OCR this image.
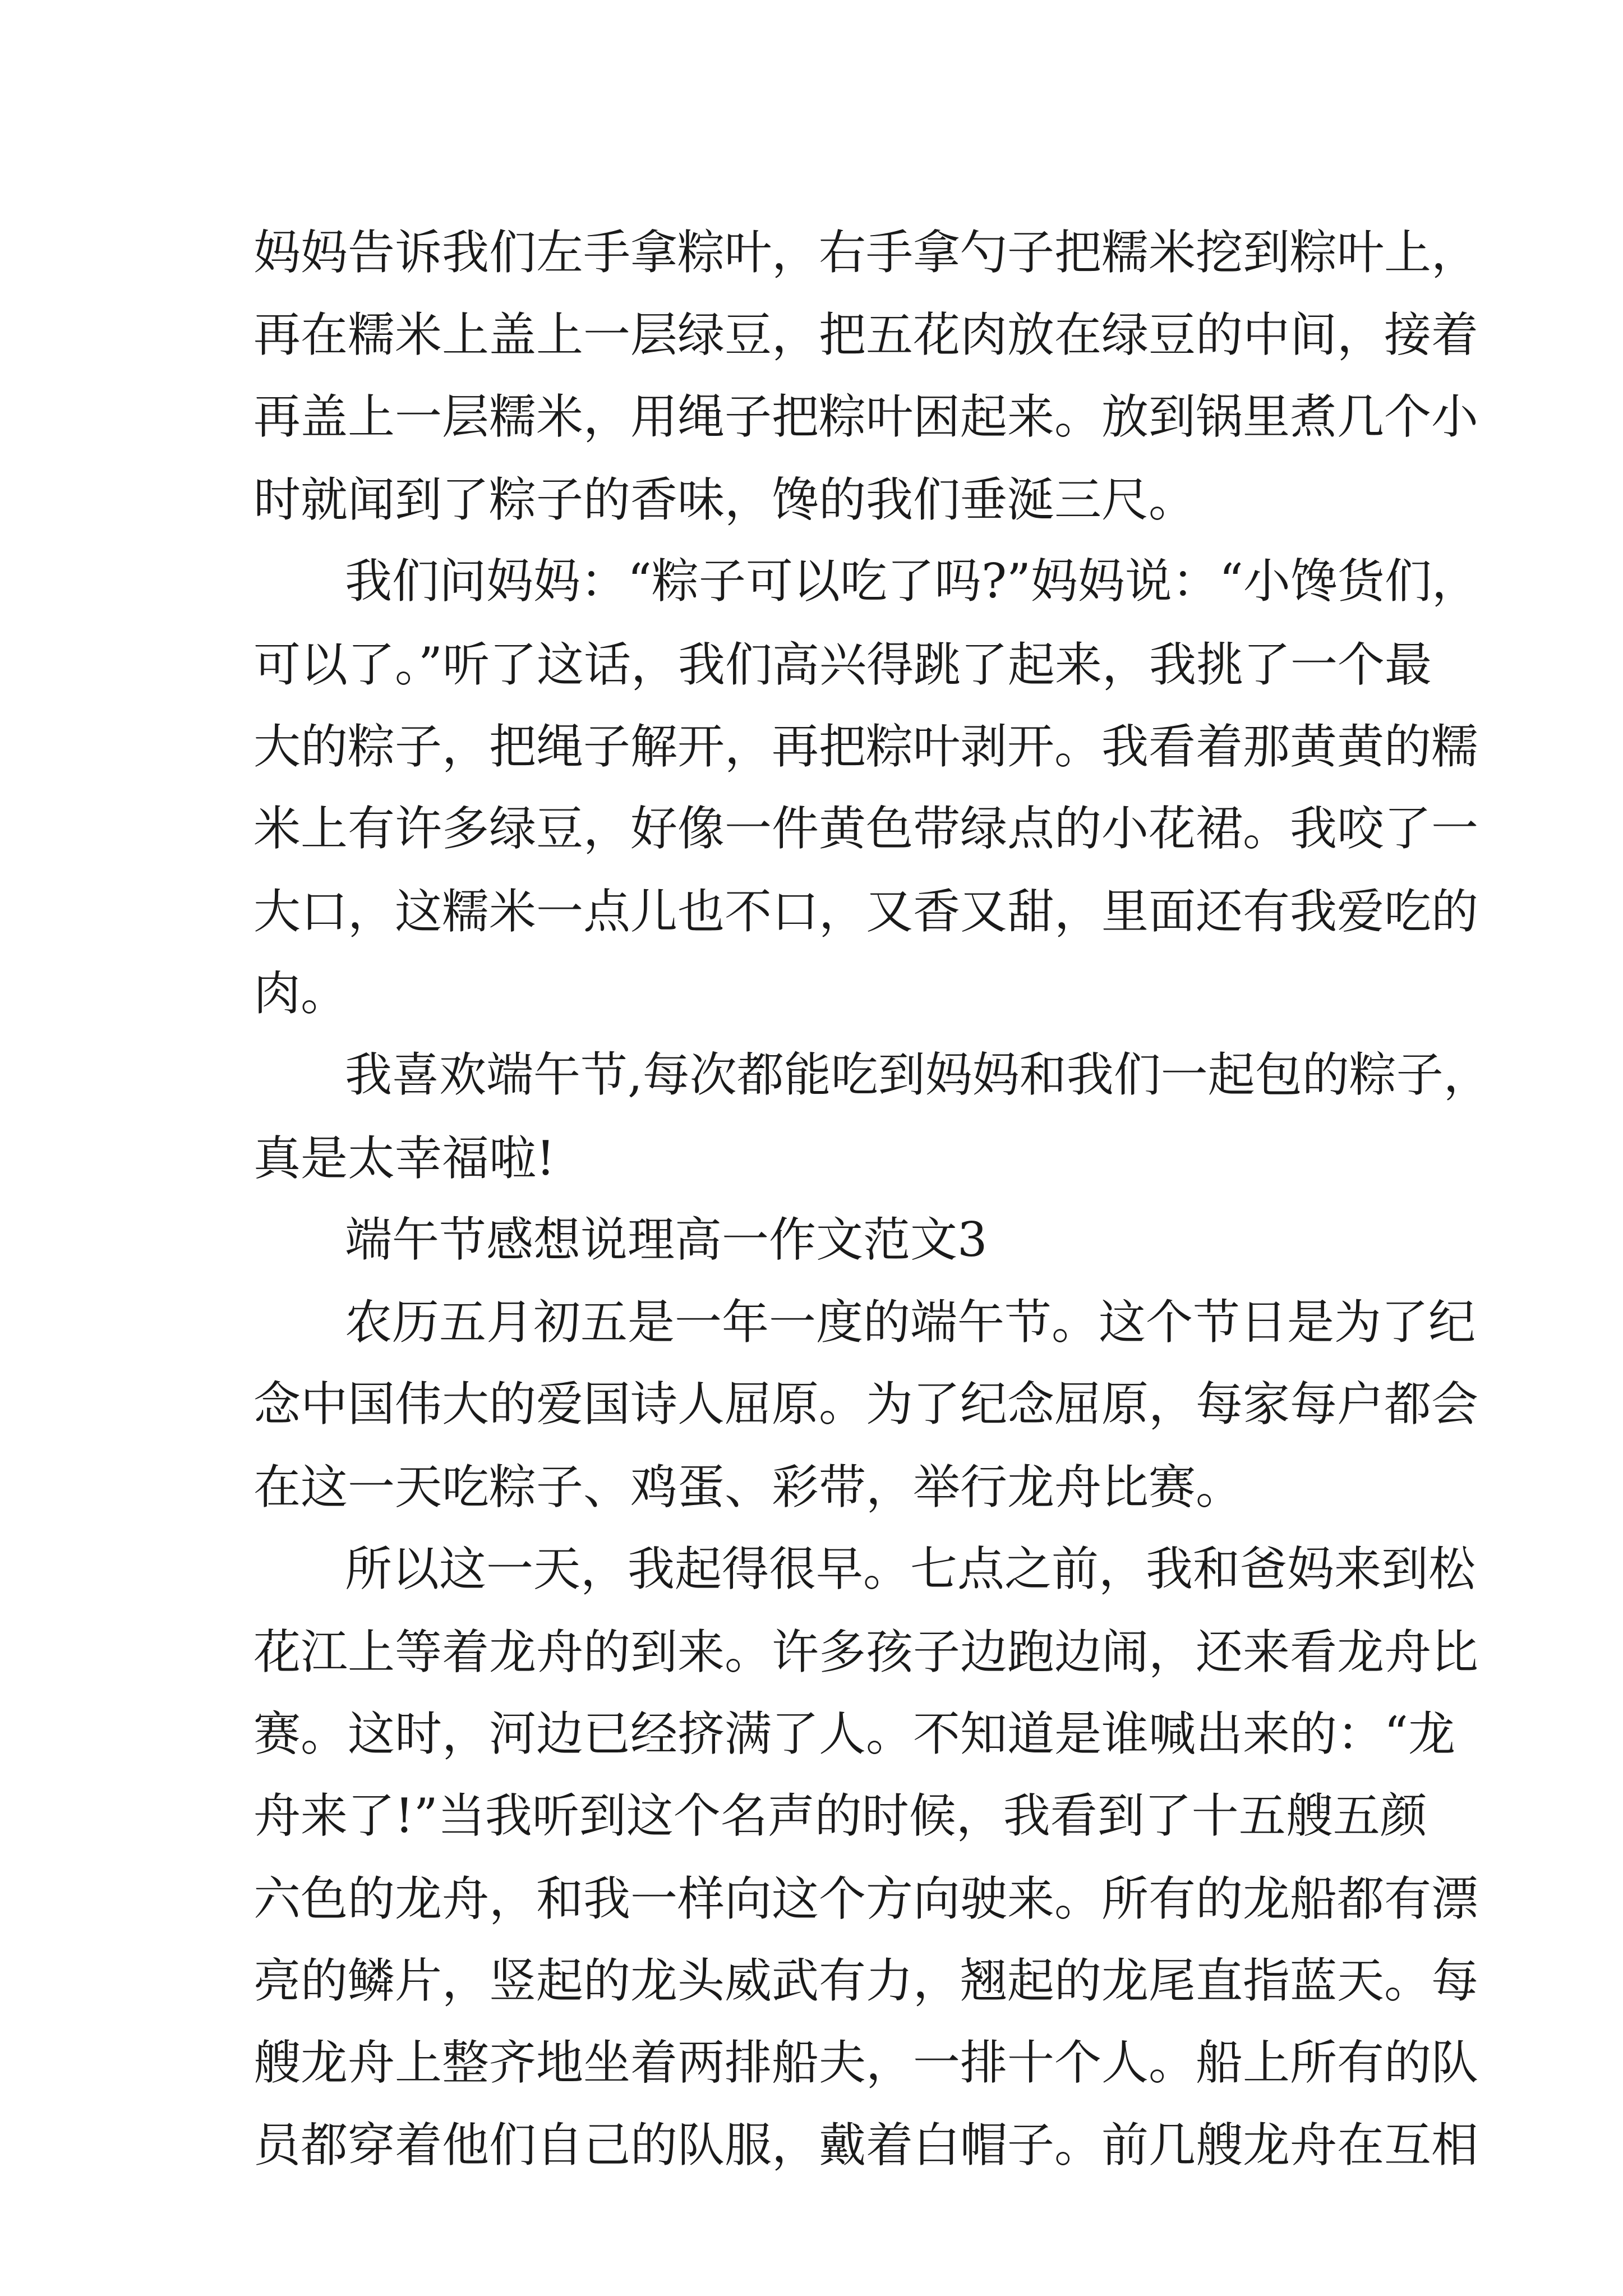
妈妈告诉我们左手拿粽叶，右手拿勺子把糯米挖到粽叶上，
再在糯米上盖上一层绿豆，把五花肉放在绿豆的中间，接着
再盖上一层糯米，用绳子把粽叶困起来。放到锅里煮几个小
时就闻到了粽子的香味，馋的我们垂涎三尺。
我们问妈妈：“粽子可以吃了吗?”妈妈说：“小馋货们，
可以了。”听了这话，我们高兴得跳了起来，我挑了一个最
大的粽子，把绳子解开，再把粽叶剥开。我看着那黄黄的糯
米上有许多绿豆，好像一件黄色带绿点的小花裙。我咬了一
大口，这糯米一点儿也不口，又香又甜，里面还有我爱吃的
肉。
我喜欢端午节,每次都能吃到妈妈和我们一起包的粽子，
真是太幸福啦!
端午节感想说理高一作文范文3
农历五月初五是一年一度的端午节。这个节日是为了纪
念中国伟大的爱国诗人屈原。为了纪念屈原，每家每户都会
在这一天吃粽子、鸡蛋、彩带，举行龙舟比赛。
所以这一天，我起得很早。七点之前，我和爸妈来到松
花江上等着龙舟的到来。许多孩子边跑边闹，还来看龙舟比
赛。这时，河边已经挤满了人。不知道是谁喊出来的：“龙
舟来了!”当我听到这个名声的时候，我看到了十五艘五颜
六色的龙舟，和我一样向这个方向驶来。所有的龙船都有漂
亮的鳞片，竖起的龙头威武有力，翘起的龙尾直指蓝天。每
艘龙舟上整齐地坐着两排船夫，一排十个人。船上所有的队
员都穿着他们自己的队服，戴着白帽子。前几艘龙舟在互相
